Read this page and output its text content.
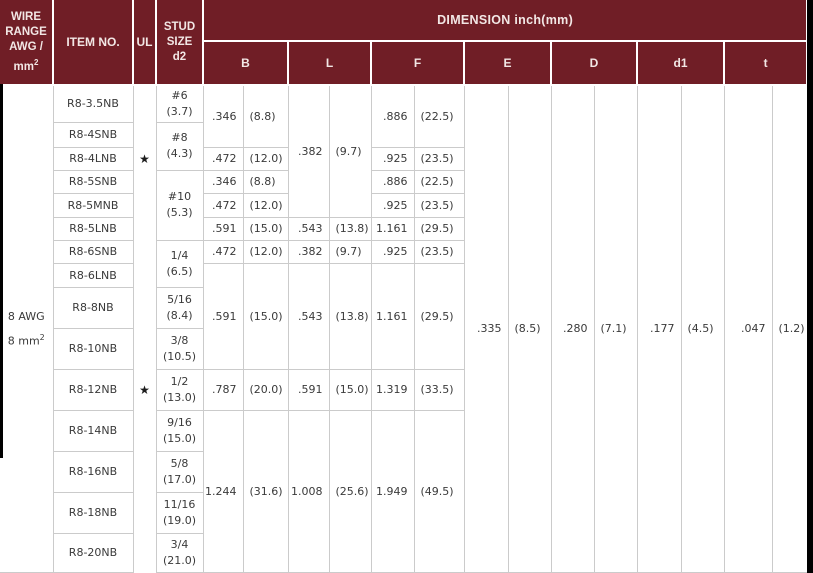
WIRE
RANGE
AWG /
$mm^2$
	ITEM NO.	UL	
STUD
SIZE
d2
	DIMENSION inch(mm)
				B		L		F		E		D		d1		t	

8 AWG
8 $mm^2$
	R8-3.5NB		
#6
(3.7)	.346	(8.8)	.382	(9.7)	.886	(22.5)	.335	(8.5)	.280	(7.1)	.177	(4.5)	.047	(1.2)
	R8-4SNB		#8
(4.3)														

	R8-4LNB	★		.472	(12.0)			.925	(23.5)								
	R8-5SNB		#10
(5.3)	.346	(8.8)			.886	(22.5)								
	R8-5MNB			.472	(12.0)			.925	(23.5)								
	R8-5LNB			.591	(15.0)	.543	(13.8)	1.161	(29.5)								
	R8-6SNB		1/4
(6.5)	.472	(12.0)	.382	(9.7)	.925	(23.5)								
	R8-6LNB			.591	(15.0)	.543	(13.8)	1.161	(29.5)								
	R8-8NB		5/16
(8.4)														

	R8-10NB		3/8
(10.5)														

	R8-12NB	★	1/2
(13.0)	.787	(20.0)	.591	(15.0)	1.319	(33.5)								
	R8-14NB		9/16
(15.0)	1.244	(31.6)	1.008	(25.6)	1.949	(49.5)								
	R8-16NB		5/8
(17.0)														

	R8-18NB		11/16
(19.0)														

	R8-20NB		3/4
(21.0)														
